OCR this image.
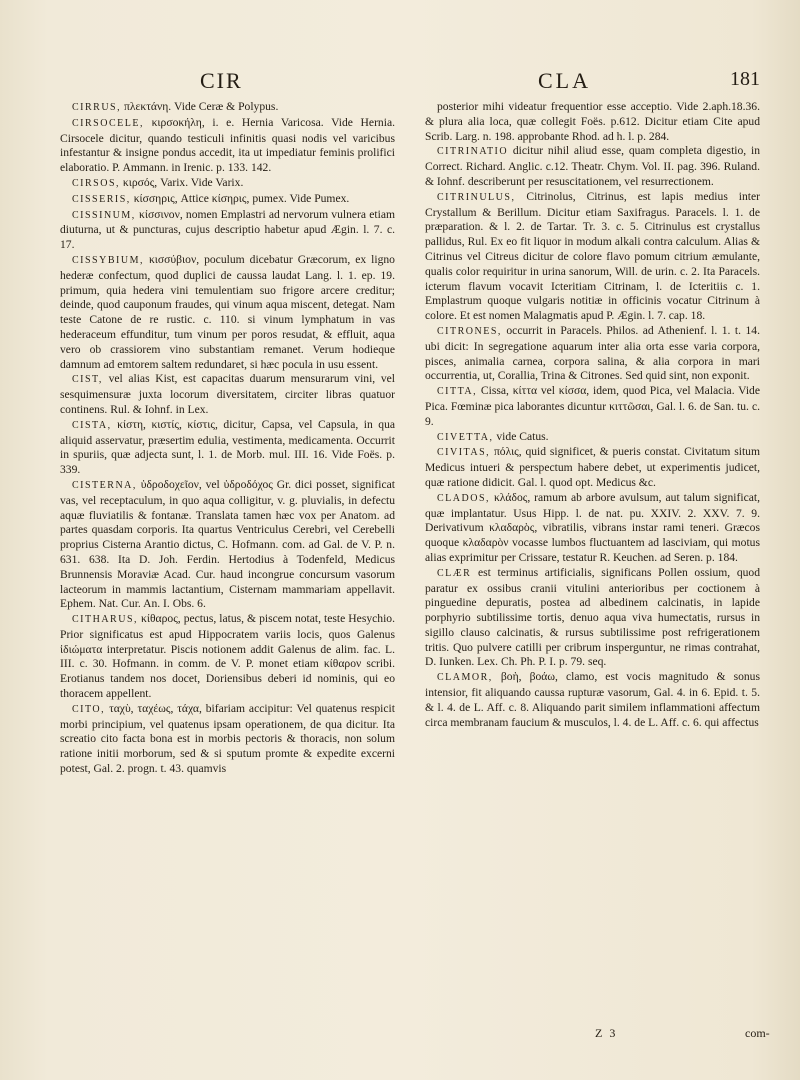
CIR	CLA	181

CIRRUS, πλεκτάνη. Vide Ceræ & Polypus.

CIRSOCELE, κιρσοκήλη, i. e. Hernia Varicosa. Vide Hernia. Cirsocele dicitur, quando testiculi infinitis quasi nodis vel varicibus infestantur & insigne pondus accedit, ita ut impediatur feminis prolifici elaboratio. P. Ammann. in Irenic. p. 133. 142.

CIRSOS, κιρσός, Varix. Vide Varix.

CISSERIS, κίσσηρις, Attice κίσηρις, pumex. Vide Pumex.

CISSINUM, κίσσινον, nomen Emplastri ad nervorum vulnera etiam diuturna, ut & puncturas, cujus descriptio habetur apud Ægin. l. 7. c. 17.

CISSYBIUM, κισσύβιον, poculum dicebatur Græcorum, ex ligno hederæ confectum, quod duplici de caussa laudat Lang. l. 1. ep. 19. primum, quia hedera vini temulentiam suo frigore arcere creditur; deinde, quod cauponum fraudes, qui vinum aqua miscent, detegat. Nam teste Catone de re rustic. c. 110. si vinum lymphatum in vas hederaceum effunditur, tum vinum per poros resudat, & effluit, aqua vero ob crassiorem vino substantiam remanet. Verum hodieque damnum ad emtorem saltem redundaret, si hæc pocula in usu essent.

CIST, vel alias Kist, est capacitas duarum mensurarum vini, vel sesquimensuræ juxta locorum diversitatem, circiter libras quatuor continens. Rul. & Iohnf. in Lex.

CISTA, κίστη, κιστίς, κίστις, dicitur, Capsa, vel Capsula, in qua aliquid asservatur, præsertim edulia, vestimenta, medicamenta. Occurrit in spuriis, quæ adjecta sunt, l. 1. de Morb. mul. III. 16. Vide Foës. p. 339.

CISTERNA, ὑδροδοχεῖον, vel ὑδροδόχος Gr. dici posset, significat vas, vel receptaculum, in quo aqua colligitur, v. g. pluvialis, in defectu aquæ fluviatilis & fontanæ. Translata tamen hæc vox per Anatom. ad partes quasdam corporis. Ita quartus Ventriculus Cerebri, vel Cerebelli proprius Cisterna Arantio dictus, C. Hofmann. com. ad Gal. de V. P. n. 631. 638. Ita D. Joh. Ferdin. Hertodius à Todenfeld, Medicus Brunnensis Moraviæ Acad. Cur. haud incongrue concursum vasorum lacteorum in mammis lactantium, Cisternam mammariam appellavit. Ephem. Nat. Cur. An. I. Obs. 6.

CITHARUS, κίθαρος, pectus, latus, & piscem notat, teste Hesychio. Prior significatus est apud Hippocratem variis locis, quos Galenus ἰδιώματα interpretatur. Piscis notionem addit Galenus de alim. fac. L. III. c. 30. Hofmann. in comm. de V. P. monet etiam κίθαρον scribi. Erotianus tandem nos docet, Doriensibus deberi id nominis, qui eo thoracem appellent.

CITO, ταχὺ, ταχέως, τάχα, bifariam accipitur: Vel quatenus respicit morbi principium, vel quatenus ipsam operationem, de qua dicitur. Ita screatio cito facta bona est in morbis pectoris & thoracis, non solum ratione initii morborum, sed & si sputum promte & expedite excerni potest, Gal. 2. progn. t. 43. quamvis

posterior mihi videatur frequentior esse acceptio. Vide 2.aph.18.36. & plura alia loca, quæ collegit Foës. p.612. Dicitur etiam Cite apud Scrib. Larg. n. 198. approbante Rhod. ad h. l. p. 284.

CITRINATIO dicitur nihil aliud esse, quam completa digestio, in Correct. Richard. Anglic. c.12. Theatr. Chym. Vol. II. pag. 396. Ruland. & Iohnf. describerunt per resuscitationem, vel resurrectionem.

CITRINULUS, Citrinolus, Citrinus, est lapis medius inter Crystallum & Berillum. Dicitur etiam Saxifragus. Paracels. l. 1. de præparation. & l. 2. de Tartar. Tr. 3. c. 5. Citrinulus est crystallus pallidus, Rul. Ex eo fit liquor in modum alkali contra calculum. Alias & Citrinus vel Citreus dicitur de colore flavo pomum citrium æmulante, qualis color requiritur in urina sanorum, Will. de urin. c. 2. Ita Paracels. icterum flavum vocavit Icteritiam Citrinam, l. de Icteritiis c. 1. Emplastrum quoque vulgaris notitiæ in officinis vocatur Citrinum à colore. Et est nomen Malagmatis apud P. Ægin. l. 7. cap. 18.

CITRONES, occurrit in Paracels. Philos. ad Athenienf. l. 1. t. 14. ubi dicit: In segregatione aquarum inter alia orta esse varia corpora, pisces, animalia carnea, corpora salina, & alia corpora in mari occurrentia, ut, Corallia, Trina & Citrones. Sed quid sint, non exponit.

CITTA, Cissa, κίττα vel κίσσα, idem, quod Pica, vel Malacia. Vide Pica. Fœminæ pica laborantes dicuntur κιττῶσαι, Gal. l. 6. de San. tu. c. 9.

CIVETTA, vide Catus.

CIVITAS, πόλις, quid significet, & pueris constat. Civitatum situm Medicus intueri & perspectum habere debet, ut experimentis judicet, quæ ratione didicit. Gal. l. quod opt. Medicus &c.

CLADOS, κλάδος, ramum ab arbore avulsum, aut talum significat, quæ implantatur. Usus Hipp. l. de nat. pu. XXIV. 2. XXV. 7. 9. Derivativum κλαδαρὸς, vibratilis, vibrans instar rami teneri. Græcos quoque κλαδαρὸν vocasse lumbos fluctuantem ad lasciviam, qui motus alias exprimitur per Crissare, testatur R. Keuchen. ad Seren. p. 184.

CLÆR est terminus artificialis, significans Pollen ossium, quod paratur ex ossibus cranii vitulini anterioribus per coctionem à pinguedine depuratis, postea ad albedinem calcinatis, in lapide porphyrio subtilissime tortis, denuo aqua viva humectatis, rursus in sigillo clauso calcinatis, & rursus subtilissime post refrigerationem tritis. Quo pulvere catilli per cribrum insperguntur, ne rimas contrahat, D. Iunken. Lex. Ch. Ph. P. I. p. 79. seq.

CLAMOR, βοὴ, βοάω, clamo, est vocis magnitudo & sonus intensior, fit aliquando caussa rupturæ vasorum, Gal. 4. in 6. Epid. t. 5. & l. 4. de L. Aff. c. 8. Aliquando parit similem inflammationi affectum circa membranam faucium & musculos, l. 4. de L. Aff. c. 6. qui affectus

Z 3	com-
